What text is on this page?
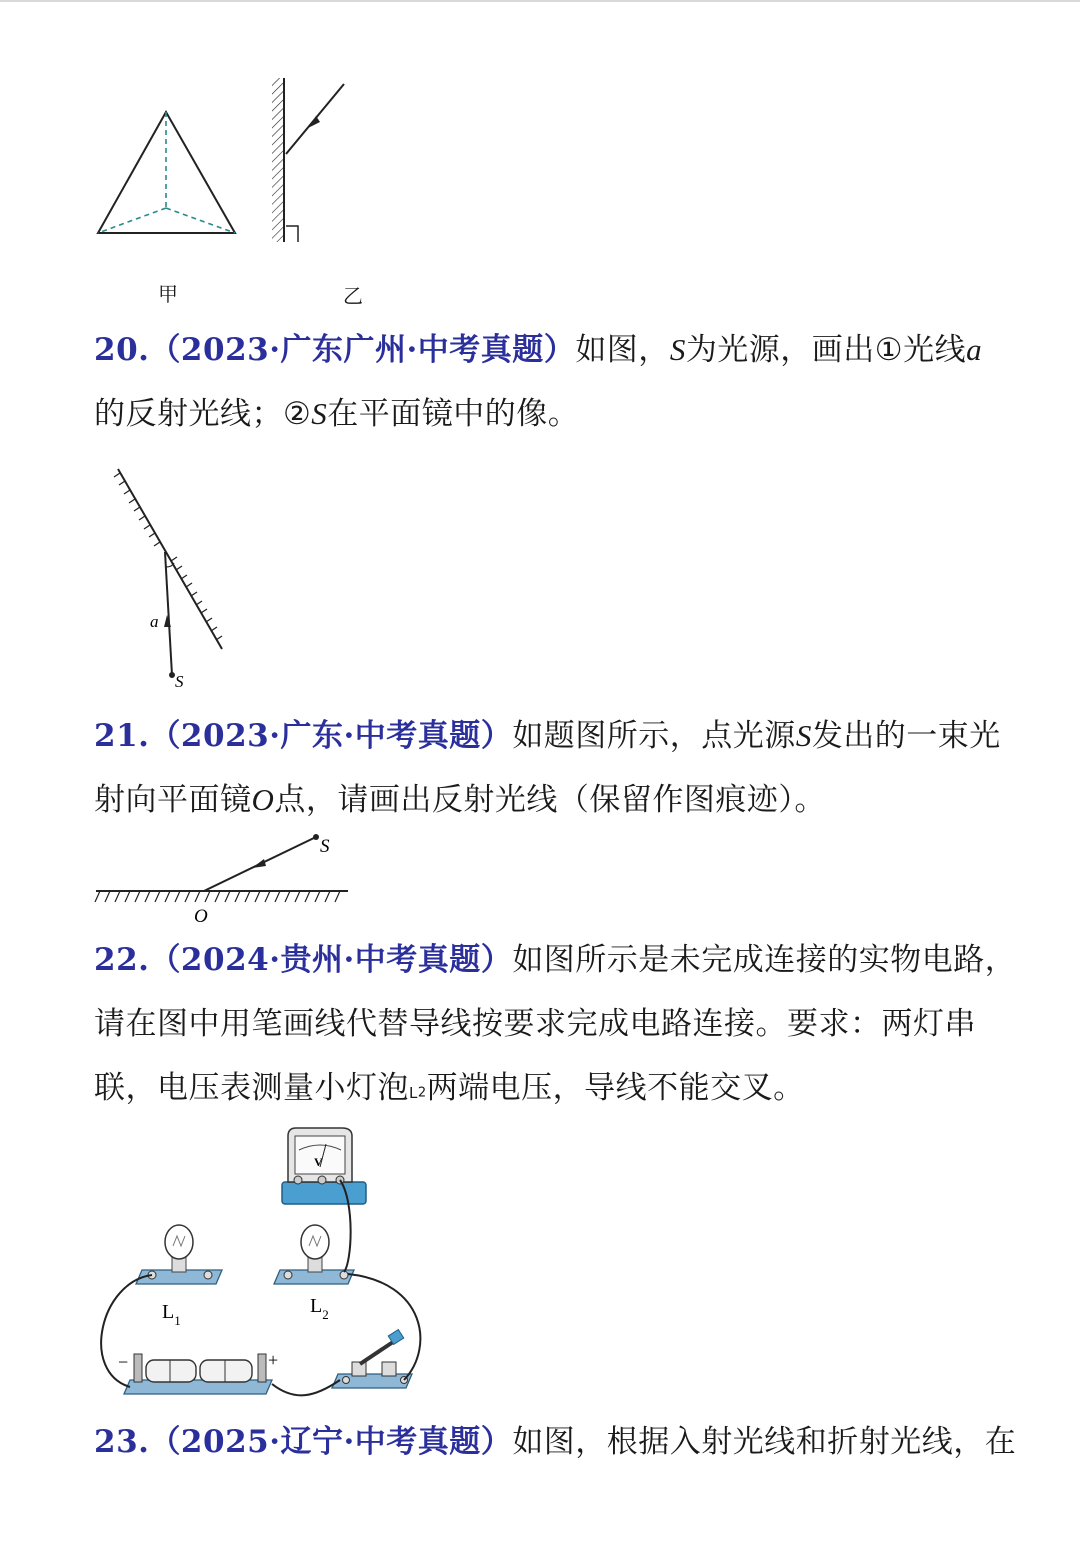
甲	乙
20.（2023·广东广州·中考真题）如图，S为光源，画出①光线a
的反射光线；②S在平面镜中的像。
a
S
21.（2023·广东·中考真题）如题图所示，点光源S发出的一束光射向平面镜O点，请画出反射光线（保留作图痕迹）。
S
O
22.（2024·贵州·中考真题）如图所示是未完成连接的实物电路，请在图中用笔画线代替导线按要求完成电路连接。要求：两灯串联，电压表测量小灯泡L2两端电压，导线不能交叉。
V
$L_1$
$L_2$
−	+
23.（2025·辽宁·中考真题）如图，根据入射光线和折射光线，在
